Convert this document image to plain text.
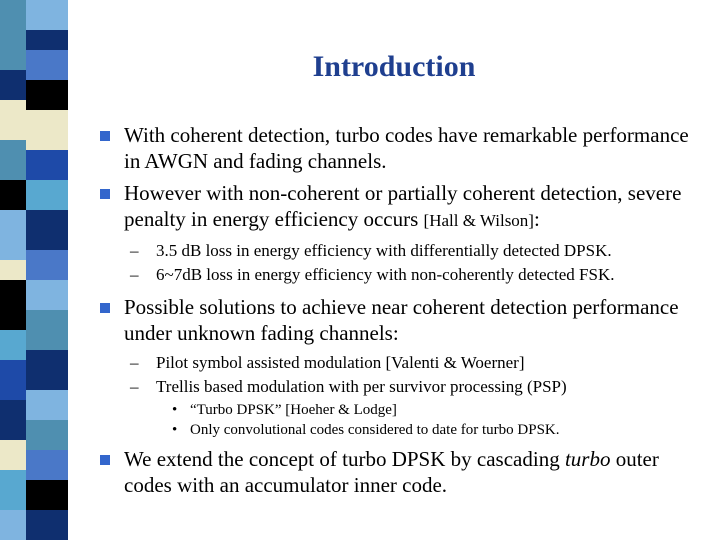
Introduction
With coherent detection, turbo codes have remarkable performance in AWGN and fading channels.
However with non-coherent or partially coherent detection, severe penalty in energy efficiency occurs [Hall & Wilson]:
– 3.5 dB loss in energy efficiency with differentially detected DPSK.
– 6~7dB loss in energy efficiency with non-coherently detected FSK.
Possible solutions to achieve near coherent detection performance under unknown fading channels:
– Pilot symbol assisted modulation [Valenti & Woerner]
– Trellis based modulation with per survivor processing (PSP)
• “Turbo DPSK” [Hoeher & Lodge]
• Only convolutional codes considered to date for turbo DPSK.
We extend the concept of turbo DPSK by cascading turbo outer codes with an accumulator inner code.
